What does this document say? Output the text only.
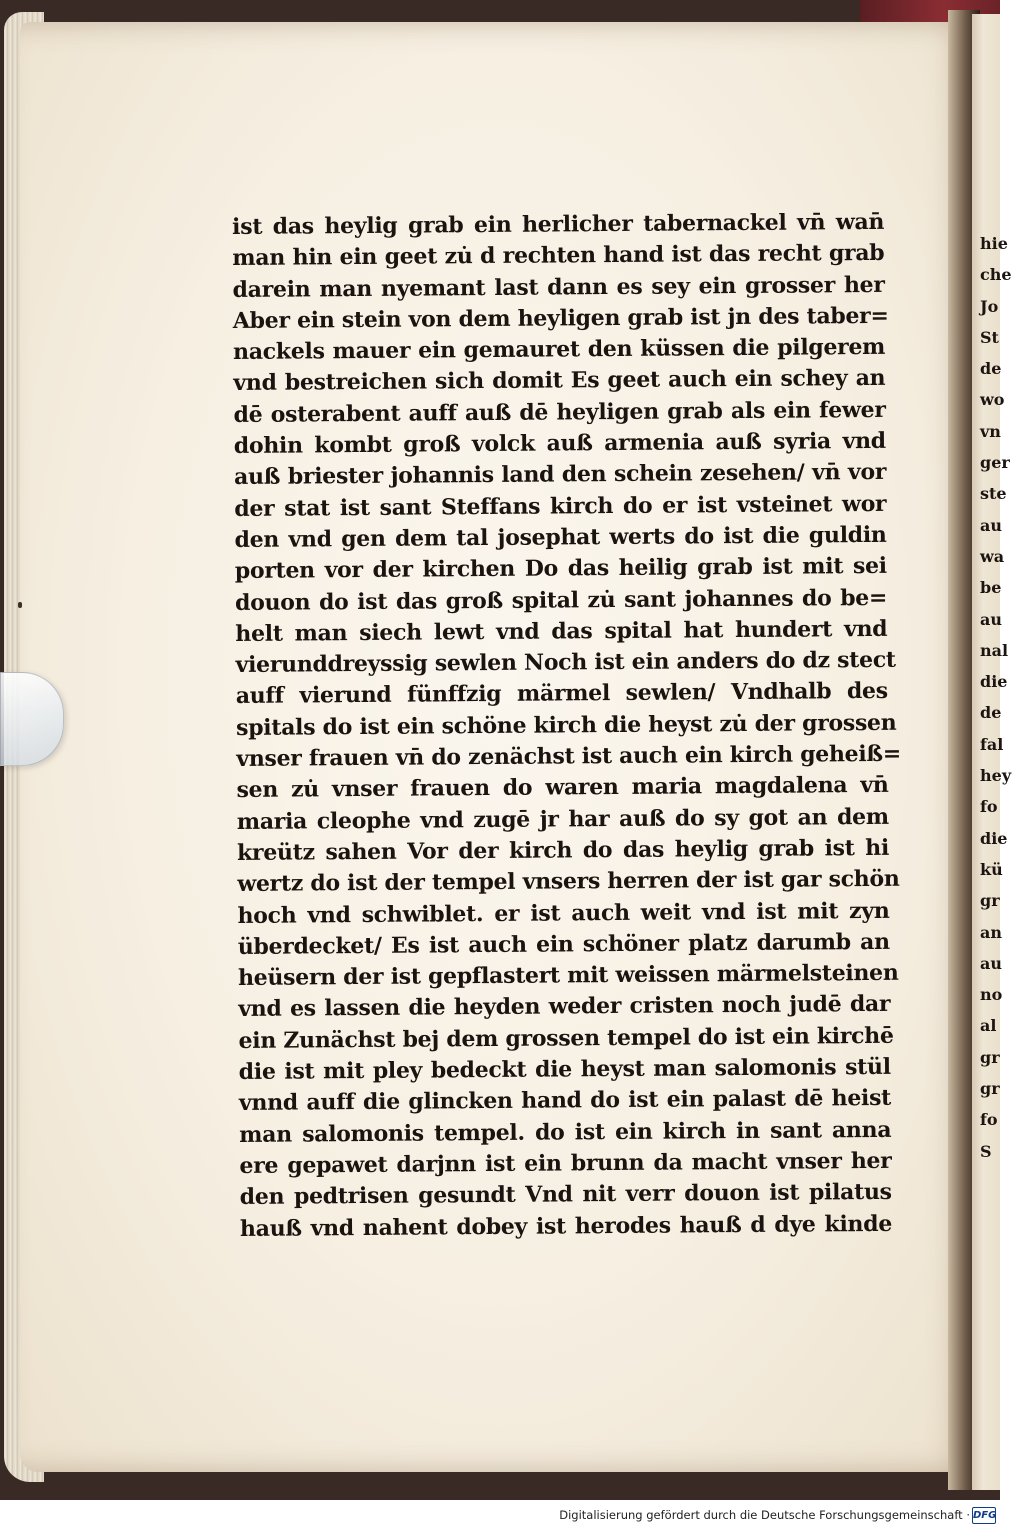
hie
che
Jo
St
de
wo
vn
ger
ste
au
wa
be
au
nal
die
de
fal
hey
fo
die
kü
gr
an
au
no
al
gr
gr
fo
S
ist das heylig grab ein herlicher tabernackel vn̄ wan̄
man hin ein geet zu̇ d rechten hand ist das recht grab
darein man nyemant last dann es sey ein grosser her
Aber ein stein von dem heyligen grab ist jn des taber=
nackels mauer ein gemauret den küssen die pilgerem
vnd bestreichen sich domit Es geet auch ein schey an
dē osterabent auff auß dē heyligen grab als ein fewer
dohin kombt groß volck auß armenia auß syria vnd
auß briester johannis land den schein zesehen/ vn̄ vor
der stat ist sant Steffans kirch do er ist vsteinet wor
den vnd gen dem tal josephat werts do ist die guldin
porten vor der kirchen Do das heilig grab ist mit sei
douon do ist das groß spital zu̇ sant johannes do be=
helt man siech lewt vnd das spital hat hundert vnd
vierunddreyssig sewlen Noch ist ein anders do dz stect
auff vierund fünffzig märmel sewlen/ Vndhalb des
spitals do ist ein schöne kirch die heyst zu̇ der grossen
vnser frauen vn̄ do zenächst ist auch ein kirch geheiß=
sen zu̇ vnser frauen do waren maria magdalena vn̄
maria cleophe vnd zugē jr har auß do sy got an dem
kreütz sahen Vor der kirch do das heylig grab ist hi
wertz do ist der tempel vnsers herren der ist gar schön
hoch vnd schwiblet. er ist auch weit vnd ist mit zyn
überdecket/ Es ist auch ein schöner platz darumb an
heüsern der ist gepflastert mit weissen märmelsteinen
vnd es lassen die heyden weder cristen noch judē dar
ein Zunächst bej dem grossen tempel do ist ein kirchē
die ist mit pley bedeckt die heyst man salomonis stül
vnnd auff die glincken hand do ist ein palast dē heist
man salomonis tempel. do ist ein kirch in sant anna
ere gepawet darjnn ist ein brunn da macht vnser her
den pedtrisen gesundt Vnd nit verr douon ist pilatus
hauß vnd nahent dobey ist herodes hauß d dye kinde
Digitalisierung gefördert durch die Deutsche Forschungsgemeinschaft · DFG
